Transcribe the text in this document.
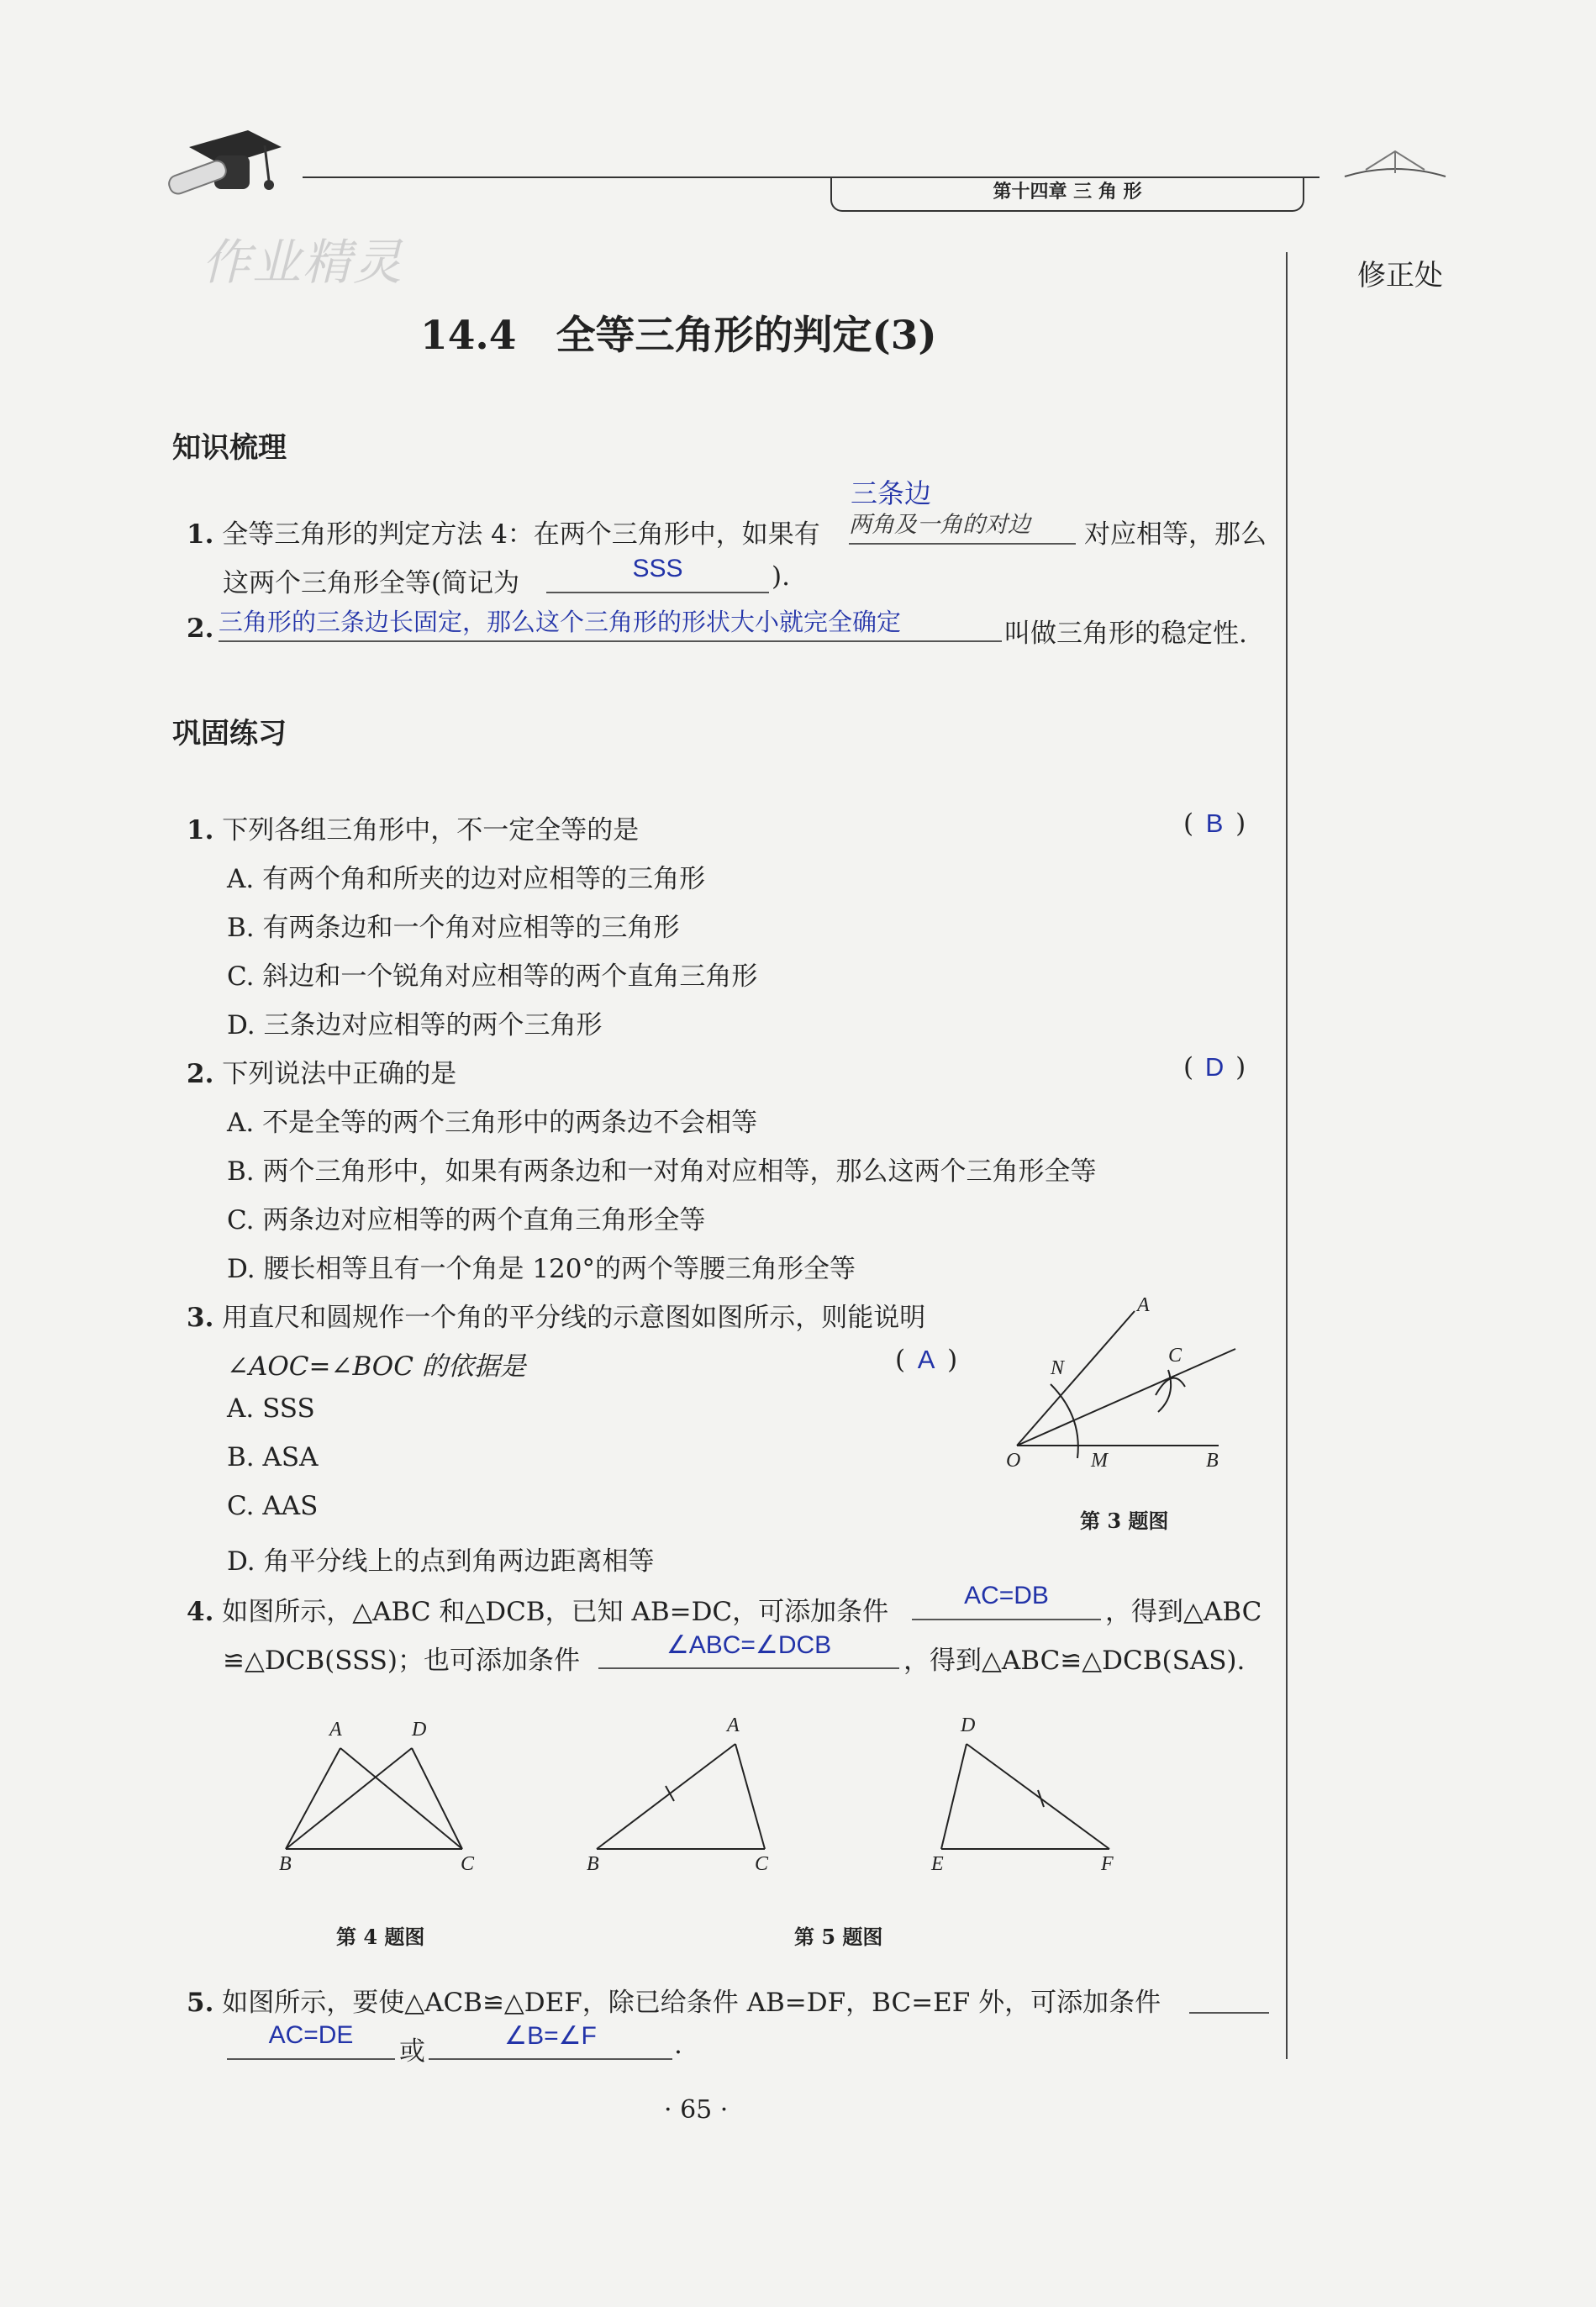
作业精灵
第十四章 三 角 形
修正处
14.4　全等三角形的判定(3)
知识梳理
三条边
1. 全等三角形的判定方法 4：在两个三角形中，如果有 两角及一角的对边	对应相等，那么
这两个三角形全等(简记为	SSS	).
2. 三角形的三条边长固定，那么这个三角形的形状大小就完全确定	叫做三角形的稳定性.
巩固练习
1. 下列各组三角形中，不一定全等的是	( B )
A. 有两个角和所夹的边对应相等的三角形
B. 有两条边和一个角对应相等的三角形
C. 斜边和一个锐角对应相等的两个直角三角形
D. 三条边对应相等的两个三角形
2. 下列说法中正确的是	( D )
A. 不是全等的两个三角形中的两条边不会相等
B. 两个三角形中，如果有两条边和一对角对应相等，那么这两个三角形全等
C. 两条边对应相等的两个直角三角形全等
D. 腰长相等且有一个角是 120°的两个等腰三角形全等
3. 用直尺和圆规作一个角的平分线的示意图如图所示，则能说明
∠AOC=∠BOC 的依据是	( A )
A. SSS
B. ASA
C. AAS
D. 角平分线上的点到角两边距离相等
A
C
N
O	M	B
第 3 题图
4. 如图所示，△ABC 和△DCB，已知 AB=DC，可添加条件
AC=DB
，得到△ABC
≌△DCB(SSS)；也可添加条件
∠ABC=∠DCB
，得到△ABC≌△DCB(SAS).
A	D
B	C
第 4 题图
A
B	C
D
E	F
第 5 题图
5. 如图所示，要使△ACB≌△DEF，除已给条件 AB=DF，BC=EF 外，可添加条件
AC=DE
或
∠B=∠F	.
· 65 ·
